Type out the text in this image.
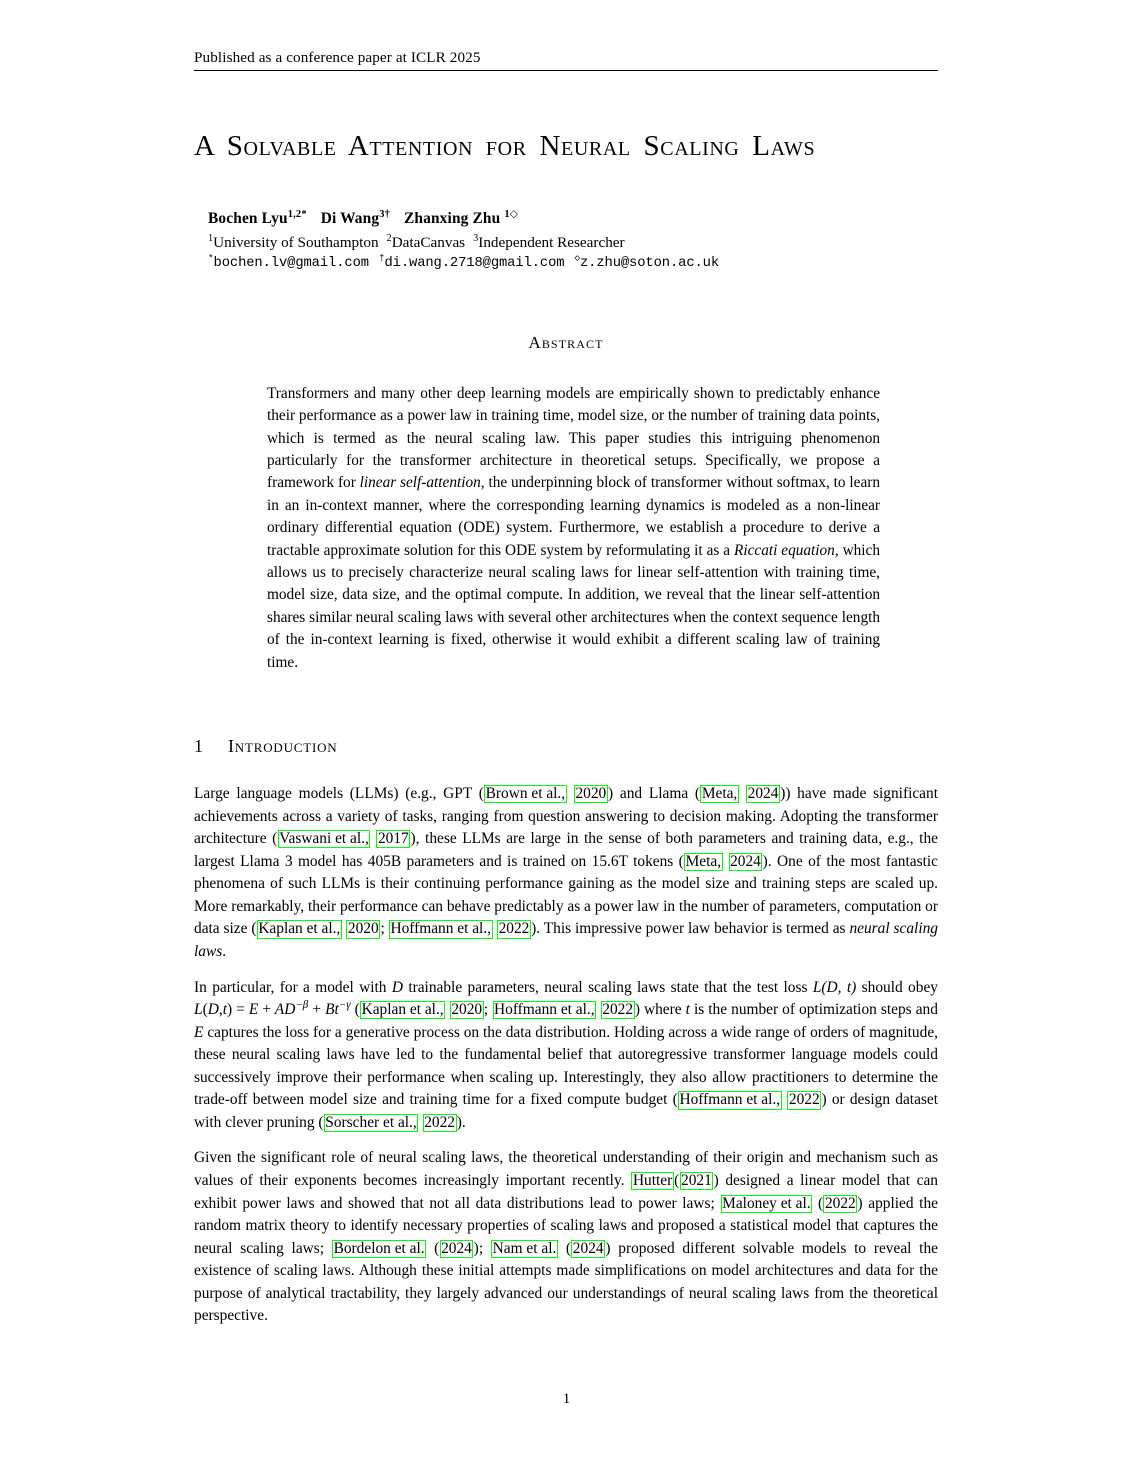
Published as a conference paper at ICLR 2025
A Solvable Attention for Neural Scaling Laws
Bochen Lyu$^{1,2*}$ Di Wang$^{3\dagger}$ Zhanxing Zhu $^{1◇}$
$^1$University of Southampton $^2$DataCanvas $^3$Independent Researcher
*bochen.lv@gmail.com †di.wang.2718@gmail.com ◇z.zhu@soton.ac.uk
Abstract
Transformers and many other deep learning models are empirically shown to predictably enhance their performance as a power law in training time, model size, or the number of training data points, which is termed as the neural scaling law. This paper studies this intriguing phenomenon particularly for the transformer architecture in theoretical setups. Specifically, we propose a framework for linear self-attention, the underpinning block of transformer without softmax, to learn in an in-context manner, where the corresponding learning dynamics is modeled as a non-linear ordinary differential equation (ODE) system. Furthermore, we establish a procedure to derive a tractable approximate solution for this ODE system by reformulating it as a Riccati equation, which allows us to precisely characterize neural scaling laws for linear self-attention with training time, model size, data size, and the optimal compute. In addition, we reveal that the linear self-attention shares similar neural scaling laws with several other architectures when the context sequence length of the in-context learning is fixed, otherwise it would exhibit a different scaling law of training time.
1 Introduction

Large language models (LLMs) (e.g., GPT ( Brown et al., 2020 ) and Llama ( Meta, 2024 )) have made significant achievements across a variety of tasks, ranging from question answering to decision making. Adopting the transformer architecture ( Vaswani et al., 2017 ), these LLMs are large in the sense of both parameters and training data, e.g., the largest Llama 3 model has 405B parameters and is trained on 15.6T tokens ( Meta, 2024 ). One of the most fantastic phenomena of such LLMs is their continuing performance gaining as the model size and training steps are scaled up. More remarkably, their performance can behave predictably as a power law in the number of parameters, computation or data size ( Kaplan et al., 2020 ; Hoffmann et al., 2022 ). This impressive power law behavior is termed as neural scaling laws.

In particular, for a model with D trainable parameters, neural scaling laws state that the test loss L(D, t) should obey $L(D,t) = E + AD^{-\beta} + Bt^{-\gamma}$ ( Kaplan et al., 2020 ; Hoffmann et al., 2022 ) where t is the number of optimization steps and E captures the loss for a generative process on the data distribution. Holding across a wide range of orders of magnitude, these neural scaling laws have led to the fundamental belief that autoregressive transformer language models could successively improve their performance when scaling up. Interestingly, they also allow practitioners to determine the trade-off between model size and training time for a fixed compute budget ( Hoffmann et al., 2022 ) or design dataset with clever pruning ( Sorscher et al., 2022 ).

Given the significant role of neural scaling laws, the theoretical understanding of their origin and mechanism such as values of their exponents becomes increasingly important recently. Hutter ( 2021 ) designed a linear model that can exhibit power laws and showed that not all data distributions lead to power laws; Maloney et al. ( 2022 ) applied the random matrix theory to identify necessary properties of scaling laws and proposed a statistical model that captures the neural scaling laws; Bordelon et al. ( 2024 ); Nam et al. ( 2024 ) proposed different solvable models to reveal the existence of scaling laws. Although these initial attempts made simplifications on model architectures and data for the purpose of analytical tractability, they largely advanced our understandings of neural scaling laws from the theoretical perspective.

1
